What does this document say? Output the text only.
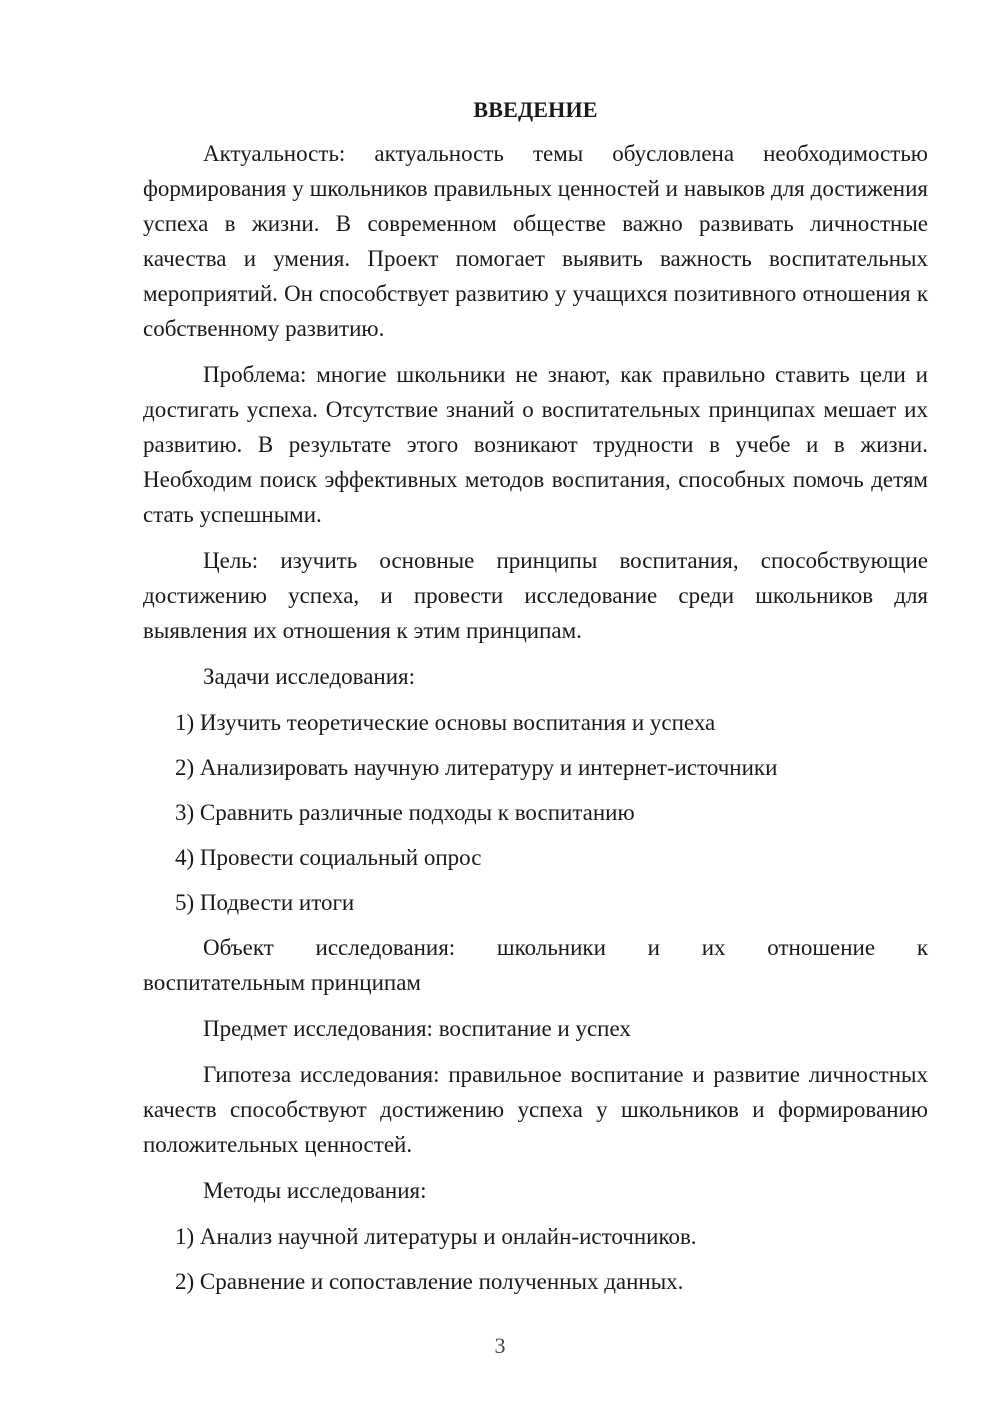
ВВЕДЕНИЕ

Актуальность: актуальность темы обусловлена необходимостью формирования у школьников правильных ценностей и навыков для достижения успеха в жизни. В современном обществе важно развивать личностные качества и умения. Проект помогает выявить важность воспитательных мероприятий. Он способствует развитию у учащихся позитивного отношения к собственному развитию.

Проблема: многие школьники не знают, как правильно ставить цели и достигать успеха. Отсутствие знаний о воспитательных принципах мешает их развитию. В результате этого возникают трудности в учебе и в жизни. Необходим поиск эффективных методов воспитания, способных помочь детям стать успешными.

Цель: изучить основные принципы воспитания, способствующие достижению успеха, и провести исследование среди школьников для выявления их отношения к этим принципам.

Задачи исследования:

1) Изучить теоретические основы воспитания и успеха
2) Анализировать научную литературу и интернет-источники
3) Сравнить различные подходы к воспитанию
4) Провести социальный опрос
5) Подвести итоги

Объект исследования: школьники и их отношение к

воспитательным принципам

Предмет исследования: воспитание и успех

Гипотеза исследования: правильное воспитание и развитие личностных качеств способствуют достижению успеха у школьников и формированию положительных ценностей.

Методы исследования:

1) Анализ научной литературы и онлайн-источников.
2) Сравнение и сопоставление полученных данных.
3
